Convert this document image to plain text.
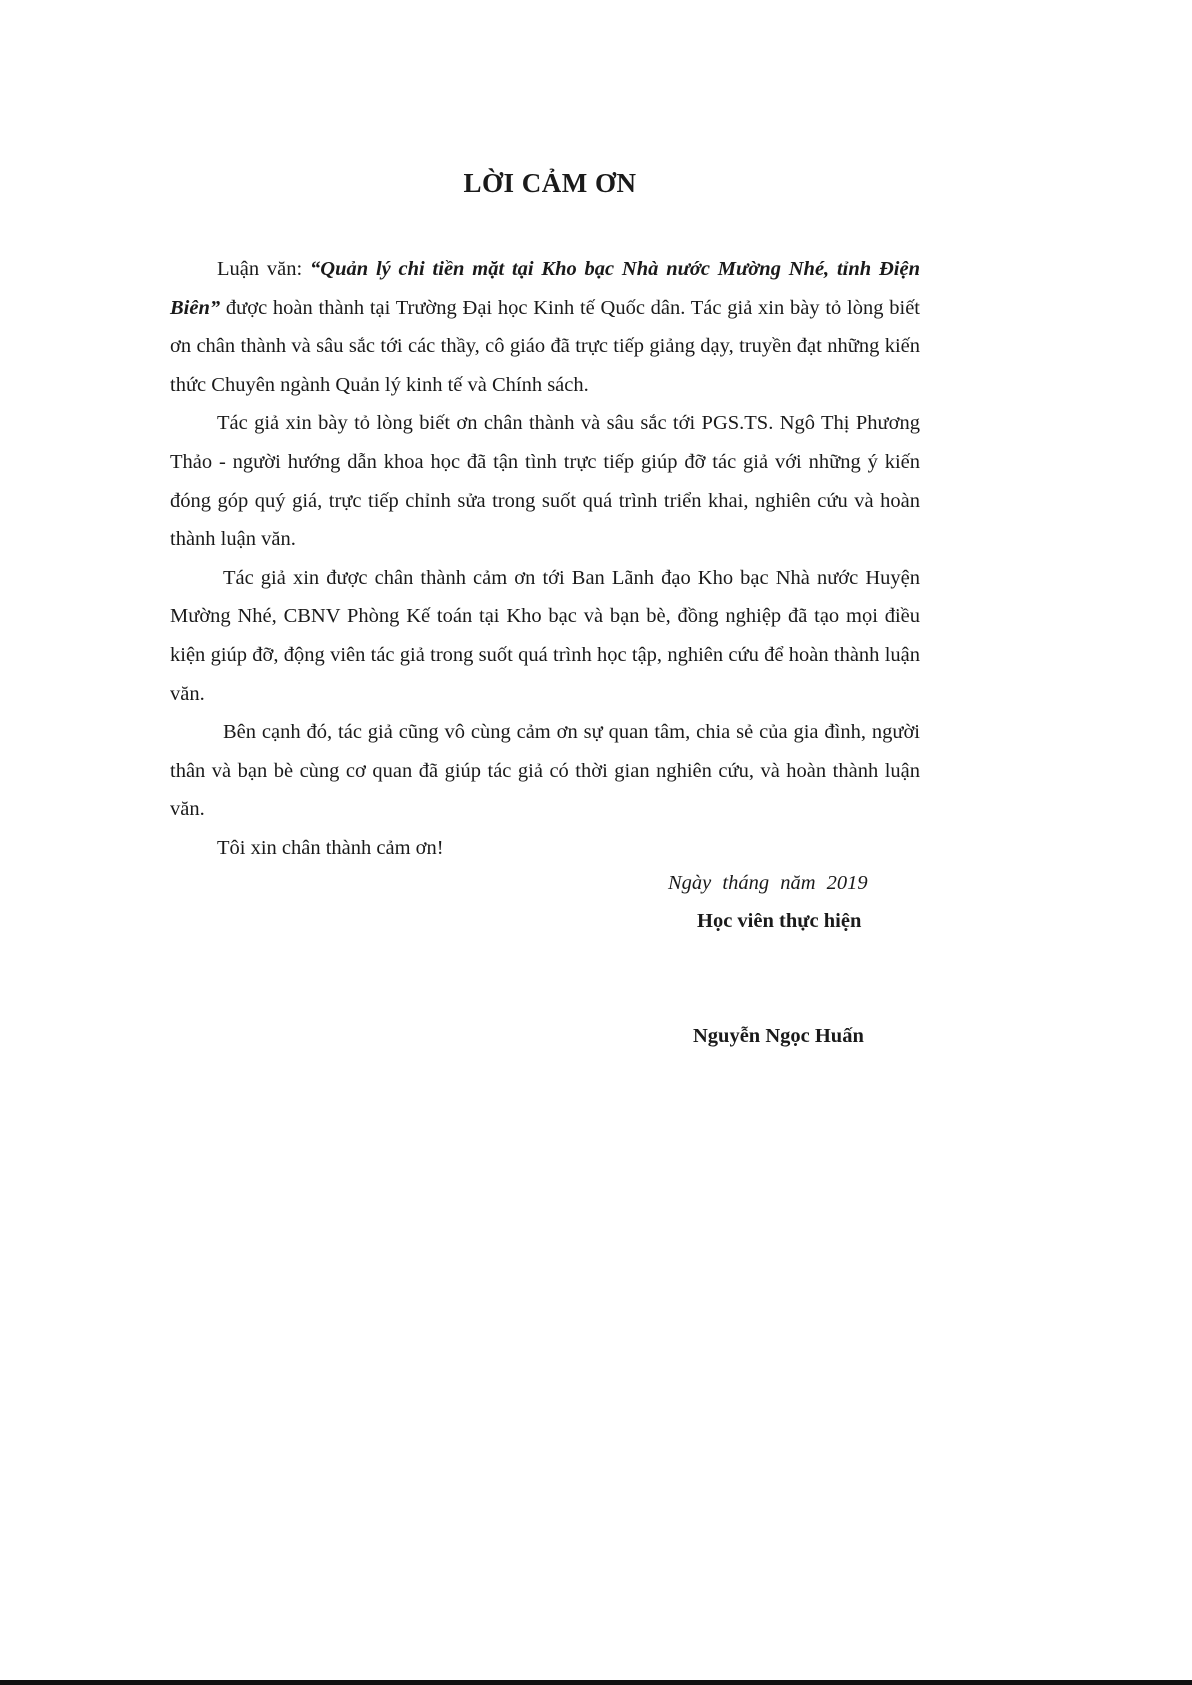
LỜI CẢM ƠN

Luận văn: “Quản lý chi tiền mặt tại Kho bạc Nhà nước Mường Nhé, tỉnh Điện Biên” được hoàn thành tại Trường Đại học Kinh tế Quốc dân. Tác giả xin bày tỏ lòng biết ơn chân thành và sâu sắc tới các thầy, cô giáo đã trực tiếp giảng dạy, truyền đạt những kiến thức Chuyên ngành Quản lý kinh tế và Chính sách.

Tác giả xin bày tỏ lòng biết ơn chân thành và sâu sắc tới PGS.TS. Ngô Thị Phương Thảo - người hướng dẫn khoa học đã tận tình trực tiếp giúp đỡ tác giả với những ý kiến đóng góp quý giá, trực tiếp chỉnh sửa trong suốt quá trình triển khai, nghiên cứu và hoàn thành luận văn.

Tác giả xin được chân thành cảm ơn tới Ban Lãnh đạo Kho bạc Nhà nước Huyện Mường Nhé, CBNV Phòng Kế toán tại Kho bạc và bạn bè, đồng nghiệp đã tạo mọi điều kiện giúp đỡ, động viên tác giả trong suốt quá trình học tập, nghiên cứu để hoàn thành luận văn.

Bên cạnh đó, tác giả cũng vô cùng cảm ơn sự quan tâm, chia sẻ của gia đình, người thân và bạn bè cùng cơ quan đã giúp tác giả có thời gian nghiên cứu, và hoàn thành luận văn.

Tôi xin chân thành cảm ơn!

Ngày tháng năm 2019
Học viên thực hiện
Nguyễn Ngọc Huấn
